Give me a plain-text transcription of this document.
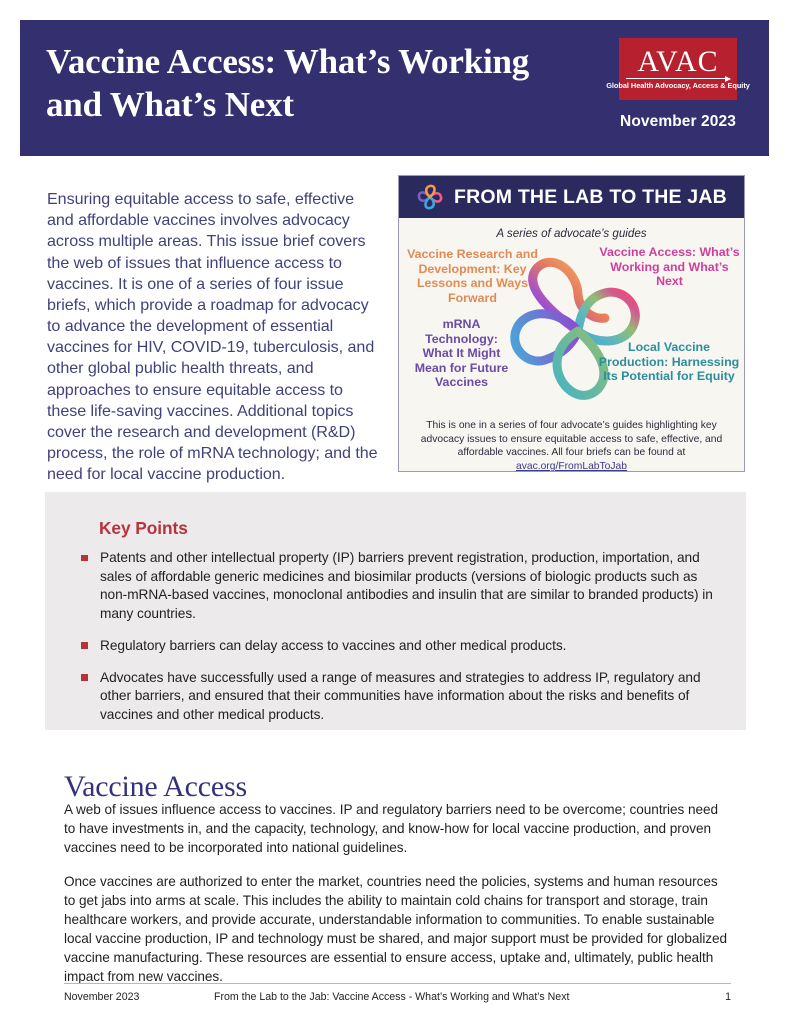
Vaccine Access: What’s Working
and What’s Next
AVAC
Global Health Advocacy, Access & Equity
November 2023

Ensuring equitable access to safe, effective and affordable vaccines involves advocacy across multiple areas. This issue brief covers the web of issues that influence access to vaccines. It is one of a series of four issue briefs, which provide a roadmap for advocacy to advance the development of essential vaccines for HIV, COVID-19, tuberculosis, and other global public health threats, and approaches to ensure equitable access to these life-saving vaccines. Additional topics cover the research and development (R&D) process, the role of mRNA technology; and the need for local vaccine production.

FROM THE LAB TO THE JAB
A series of advocate’s guides
Vaccine Research and Development: Key Lessons and Ways Forward
Vaccine Access: What’s Working and What’s Next
mRNA Technology: What It Might Mean for Future Vaccines
Local Vaccine Production: Harnessing Its Potential for Equity
This is one in a series of four advocate’s guides highlighting key advocacy issues to ensure equitable access to safe, effective, and affordable vaccines. All four briefs can be found at avac.org/FromLabToJab
Key Points
Patents and other intellectual property (IP) barriers prevent registration, production, importation, and sales of affordable generic medicines and biosimilar products (versions of biologic products such as non-mRNA-based vaccines, monoclonal antibodies and insulin that are similar to branded products) in many countries.
Regulatory barriers can delay access to vaccines and other medical products.
Advocates have successfully used a range of measures and strategies to address IP, regulatory and other barriers, and ensured that their communities have information about the risks and benefits of vaccines and other medical products.
Vaccine Access

A web of issues influence access to vaccines. IP and regulatory barriers need to be overcome; countries need to have investments in, and the capacity, technology, and know-how for local vaccine production, and proven vaccines need to be incorporated into national guidelines.

Once vaccines are authorized to enter the market, countries need the policies, systems and human resources to get jabs into arms at scale. This includes the ability to maintain cold chains for transport and storage, train healthcare workers, and provide accurate, understandable information to communities. To enable sustainable local vaccine production, IP and technology must be shared, and major support must be provided for globalized vaccine manufacturing. These resources are essential to ensure access, uptake and, ultimately, public health impact from new vaccines.

November 2023	From the Lab to the Jab: Vaccine Access - What’s Working and What’s Next	1
